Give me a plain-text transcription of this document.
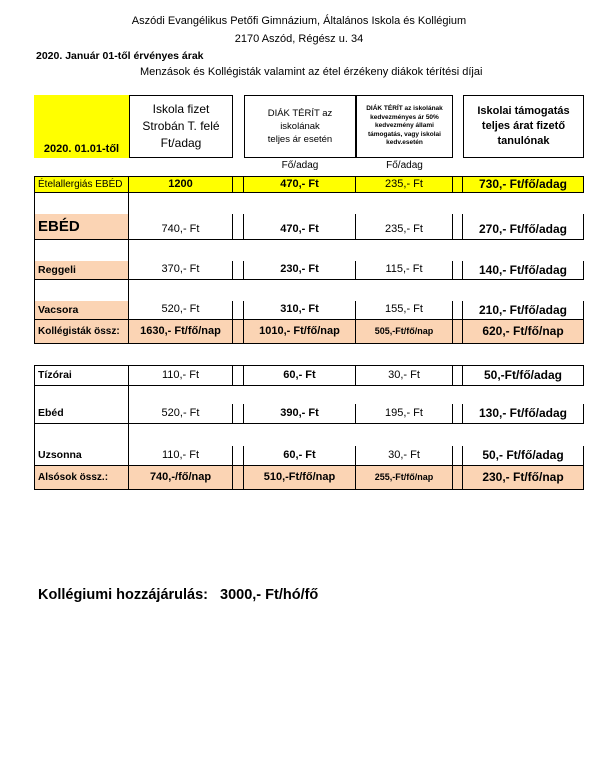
Aszódi Evangélikus Petőfi Gimnázium, Általános Iskola és Kollégium
2170 Aszód, Régész u. 34
2020. Január 01-től érvényes árak
Menzások és Kollégisták valamint az étel érzékeny diákok térítési díjai
2020. 01.01-től
Iskola fizet
Strobán T. felé
Ft/adag
DIÁK TÉRÍT az
iskolának
teljes ár esetén
DIÁK TÉRÍT az iskolának kedvezményes ár 50% kedvezmény állami támogatás, vagy iskolai kedv.esetén
Iskolai támogatás
teljes árat fizető
tanulónak
Fő/adag	Fő/adag
Ételallergiás EBÉD	1200	470,- Ft	235,- Ft	730,- Ft/fő/adag
EBÉD	740,- Ft	470,- Ft	235,- Ft	270,- Ft/fő/adag
Reggeli	370,- Ft	230,- Ft	115,- Ft	140,- Ft/fő/adag
Vacsora	520,- Ft	310,- Ft	155,- Ft	210,- Ft/fő/adag
Kollégisták össz:	1630,- Ft/fő/nap	1010,- Ft/fő/nap	505,-Ft/fő/nap	620,- Ft/fő/nap
Tízórai	110,- Ft	60,- Ft	30,- Ft	50,-Ft/fő/adag
Ebéd	520,- Ft	390,- Ft	195,- Ft	130,- Ft/fő/adag
Uzsonna	110,- Ft	60,- Ft	30,- Ft	50,- Ft/fő/adag
Alsósok össz.:	740,-/fő/nap	510,-Ft/fő/nap	255,-Ft/fő/nap	230,- Ft/fő/nap
Kollégiumi hozzájárulás: 3000,- Ft/hó/fő
